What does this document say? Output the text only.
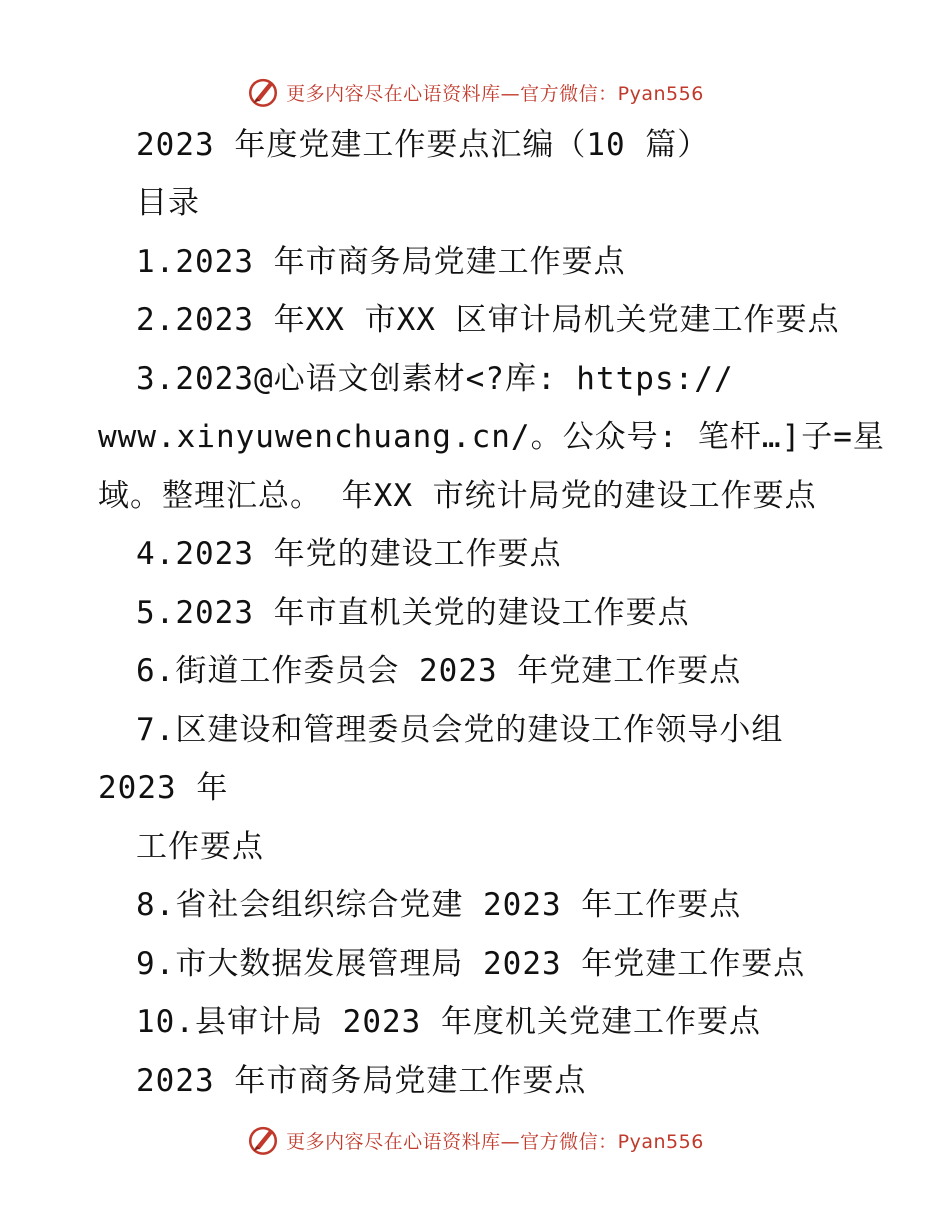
更多内容尽在心语资料库—官方微信：Pyan556
2023 年度党建工作要点汇编（10 篇）
目录
1.2023 年市商务局党建工作要点
2.2023 年XX 市XX 区审计局机关党建工作要点
3.2023@心语文创素材<?库: https://
www.xinyuwenchuang.cn/。公众号: 笔杆…]子=星
域。整理汇总。 年XX 市统计局党的建设工作要点
4.2023 年党的建设工作要点
5.2023 年市直机关党的建设工作要点
6.街道工作委员会 2023 年党建工作要点
7.区建设和管理委员会党的建设工作领导小组
2023 年
工作要点
8.省社会组织综合党建 2023 年工作要点
9.市大数据发展管理局 2023 年党建工作要点
10.县审计局 2023 年度机关党建工作要点
2023 年市商务局党建工作要点
更多内容尽在心语资料库—官方微信：Pyan556
